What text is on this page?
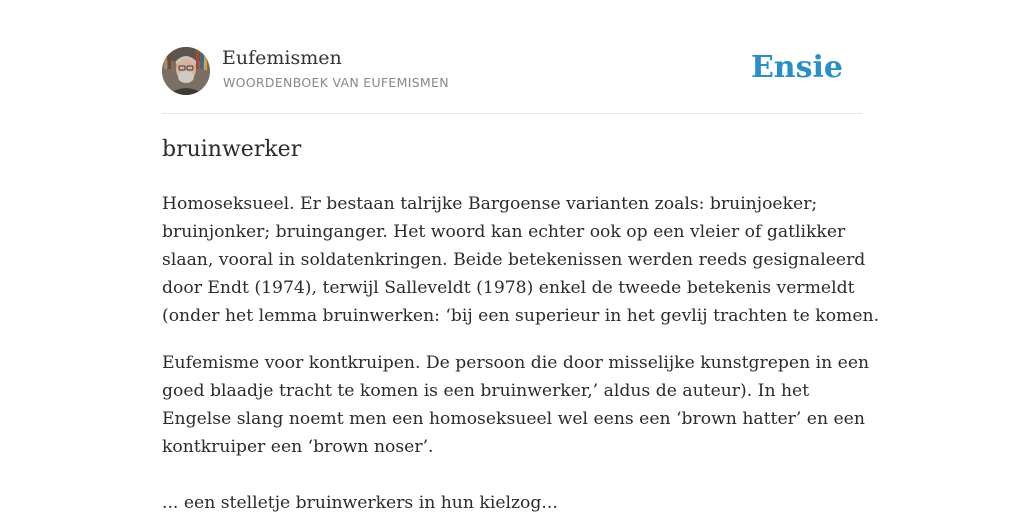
Eufemismen
WOORDENBOEK VAN EUFEMISMEN	Ensie
bruinwerker
Homoseksueel. Er bestaan talrijke Bargoense varianten zoals: bruinjoeker;
bruinjonker; bruinganger. Het woord kan echter ook op een vleier of gatlikker
slaan, vooral in soldatenkringen. Beide betekenissen werden reeds gesignaleerd
door Endt (1974), terwijl Salleveldt (1978) enkel de tweede betekenis vermeldt
(onder het lemma bruinwerken: ‘bij een superieur in het gevlij trachten te komen.
Eufemisme voor kontkruipen. De persoon die door misselijke kunstgrepen in een
goed blaadje tracht te komen is een bruinwerker,’ aldus de auteur). In het
Engelse slang noemt men een homoseksueel wel eens een ‘brown hatter’ en een
kontkruiper een ‘brown noser’.
... een stelletje bruinwerkers in hun kielzog...
